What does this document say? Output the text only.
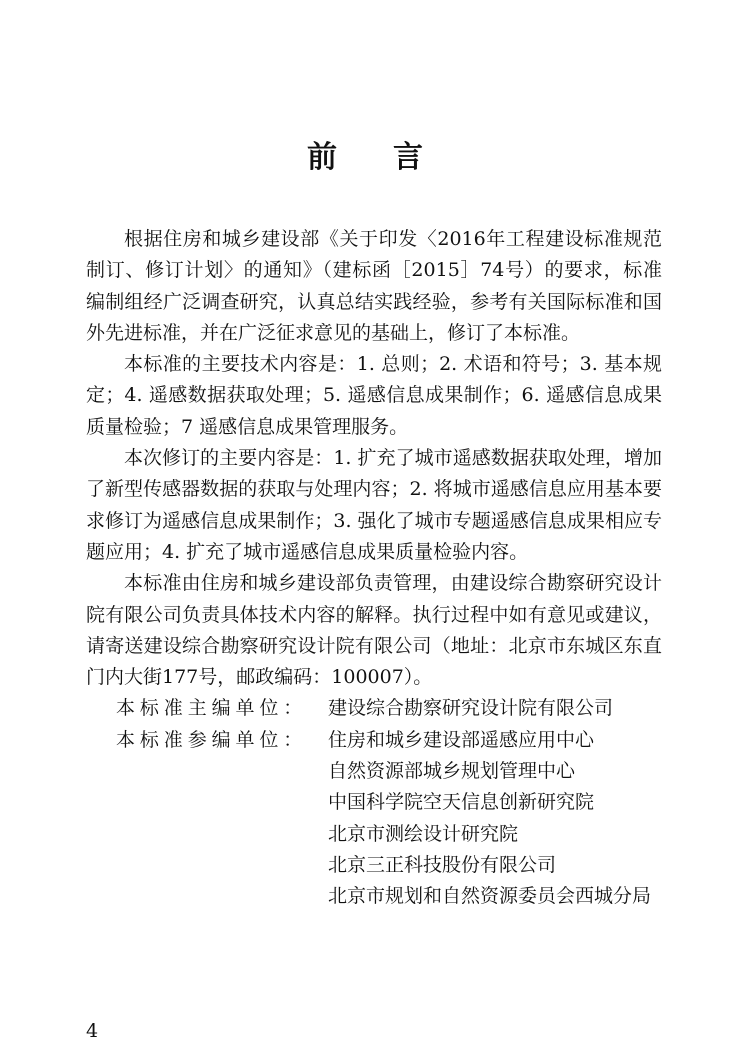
前言

根据住房和城乡建设部《关于印发〈2016年工程建设标准规范制订、修订计划〉的通知》（建标函［2015］74号）的要求，标准编制组经广泛调查研究，认真总结实践经验，参考有关国际标准和国外先进标准，并在广泛征求意见的基础上，修订了本标准。

本标准的主要技术内容是：1. 总则；2. 术语和符号；3. 基本规定；4. 遥感数据获取处理；5. 遥感信息成果制作；6. 遥感信息成果质量检验；7 遥感信息成果管理服务。

本次修订的主要内容是：1. 扩充了城市遥感数据获取处理，增加了新型传感器数据的获取与处理内容；2. 将城市遥感信息应用基本要求修订为遥感信息成果制作；3. 强化了城市专题遥感信息成果相应专题应用；4. 扩充了城市遥感信息成果质量检验内容。

本标准由住房和城乡建设部负责管理，由建设综合勘察研究设计院有限公司负责具体技术内容的解释。执行过程中如有意见或建议，请寄送建设综合勘察研究设计院有限公司（地址：北京市东城区东直门内大街177号，邮政编码：100007）。

本标准主编单位：	建设综合勘察研究设计院有限公司
本标准参编单位：	住房和城乡建设部遥感应用中心
自然资源部城乡规划管理中心
中国科学院空天信息创新研究院
北京市测绘设计研究院
北京三正科技股份有限公司
北京市规划和自然资源委员会西城分局

4
